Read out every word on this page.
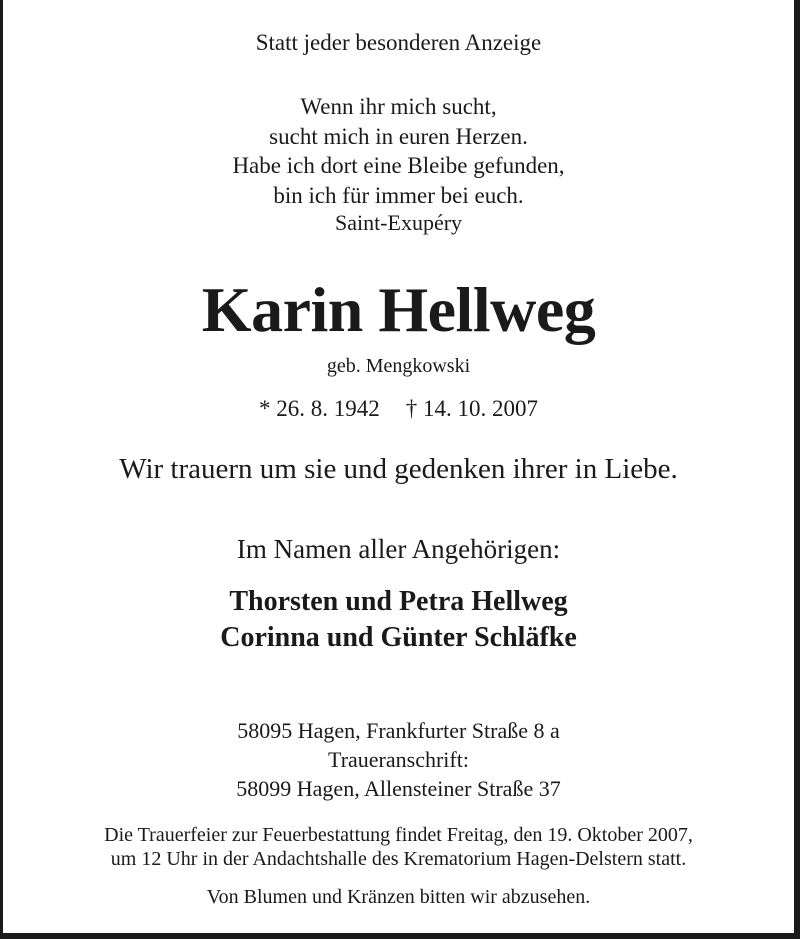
Statt jeder besonderen Anzeige

Wenn ihr mich sucht,
sucht mich in euren Herzen.
Habe ich dort eine Bleibe gefunden,
bin ich für immer bei euch.

Saint-Exupéry

Karin Hellweg

geb. Mengkowski

* 26. 8. 1942 † 14. 10. 2007

Wir trauern um sie und gedenken ihrer in Liebe.

Im Namen aller Angehörigen:

Thorsten und Petra Hellweg
Corinna und Günter Schläfke

58095 Hagen, Frankfurter Straße 8 a
Traueranschrift:
58099 Hagen, Allensteiner Straße 37

Die Trauerfeier zur Feuerbestattung findet Freitag, den 19. Oktober 2007,
um 12 Uhr in der Andachtshalle des Krematorium Hagen-Delstern statt.

Von Blumen und Kränzen bitten wir abzusehen.
